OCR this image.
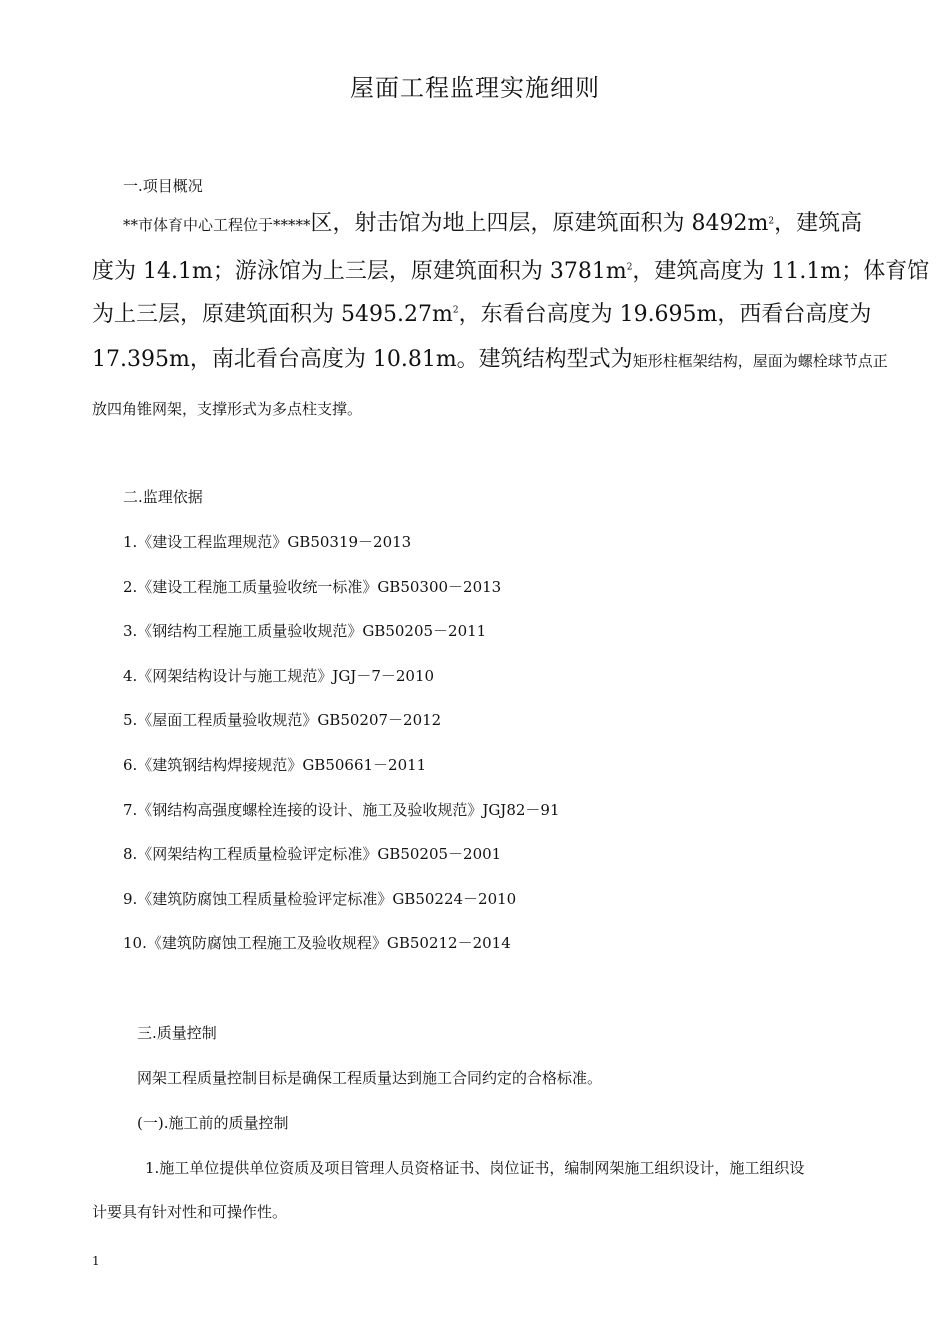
屋面工程监理实施细则
一.项目概况
**市体育中心工程位于*****区，射击馆为地上四层，原建筑面积为 $8492m^2$，建筑高
度为 14.1m；游泳馆为上三层，原建筑面积为 $3781m^2$，建筑高度为 11.1m；体育馆
为上三层，原建筑面积为 $5495.27m^2$，东看台高度为 19.695m，西看台高度为
17.395m，南北看台高度为 10.81m。建筑结构型式为矩形柱框架结构，屋面为螺栓球节点正
放四角锥网架，支撑形式为多点柱支撑。
二.监理依据
1.《建设工程监理规范》GB50319－2013
2.《建设工程施工质量验收统一标准》GB50300－2013
3.《钢结构工程施工质量验收规范》GB50205－2011
4.《网架结构设计与施工规范》JGJ－7－2010
5.《屋面工程质量验收规范》GB50207－2012
6.《建筑钢结构焊接规范》GB50661－2011
7.《钢结构高强度螺栓连接的设计、施工及验收规范》JGJ82－91
8.《网架结构工程质量检验评定标准》GB50205－2001
9.《建筑防腐蚀工程质量检验评定标准》GB50224－2010
10.《建筑防腐蚀工程施工及验收规程》GB50212－2014
三.质量控制
网架工程质量控制目标是确保工程质量达到施工合同约定的合格标准。
(一).施工前的质量控制
1.施工单位提供单位资质及项目管理人员资格证书、岗位证书，编制网架施工组织设计，施工组织设
计要具有针对性和可操作性。
1
